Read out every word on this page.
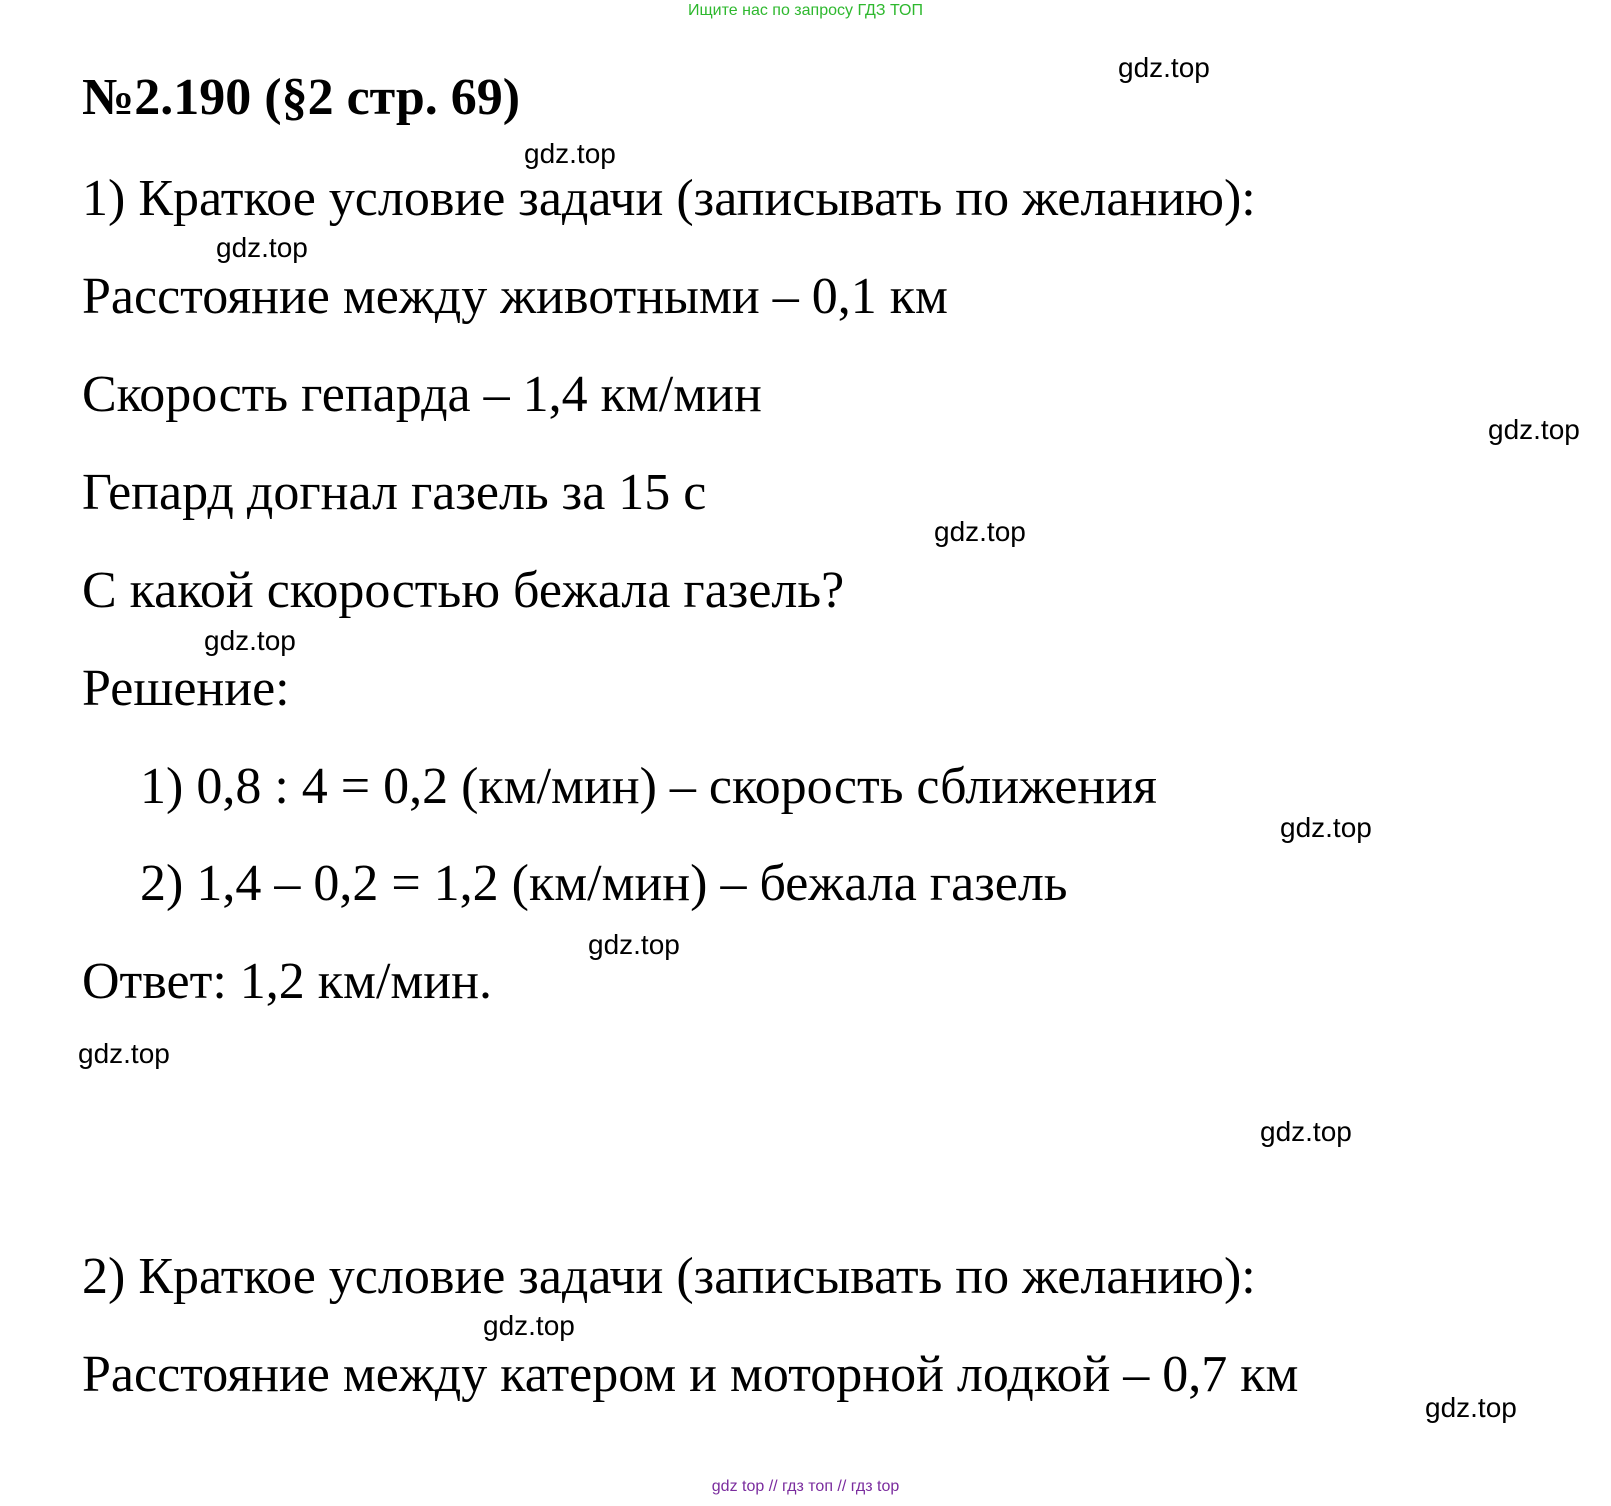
Ищите нас по запросу ГДЗ ТОП
№2.190 (§2 стр. 69)
1) Краткое условие задачи (записывать по желанию):
Расстояние между животными – 0,1 км
Скорость гепарда – 1,4 км/мин
Гепард догнал газель за 15 с
С какой скоростью бежала газель?
Решение:
1) 0,8 : 4 = 0,2 (км/мин) – скорость сближения
2) 1,4 – 0,2 = 1,2 (км/мин) – бежала газель
Ответ: 1,2 км/мин.
2) Краткое условие задачи (записывать по желанию):
Расстояние между катером и моторной лодкой – 0,7 км
gdz.top
gdz.top
gdz.top
gdz.top
gdz.top
gdz.top
gdz.top
gdz.top
gdz.top
gdz.top
gdz.top
gdz.top
gdz top // гдз топ // гдз top
